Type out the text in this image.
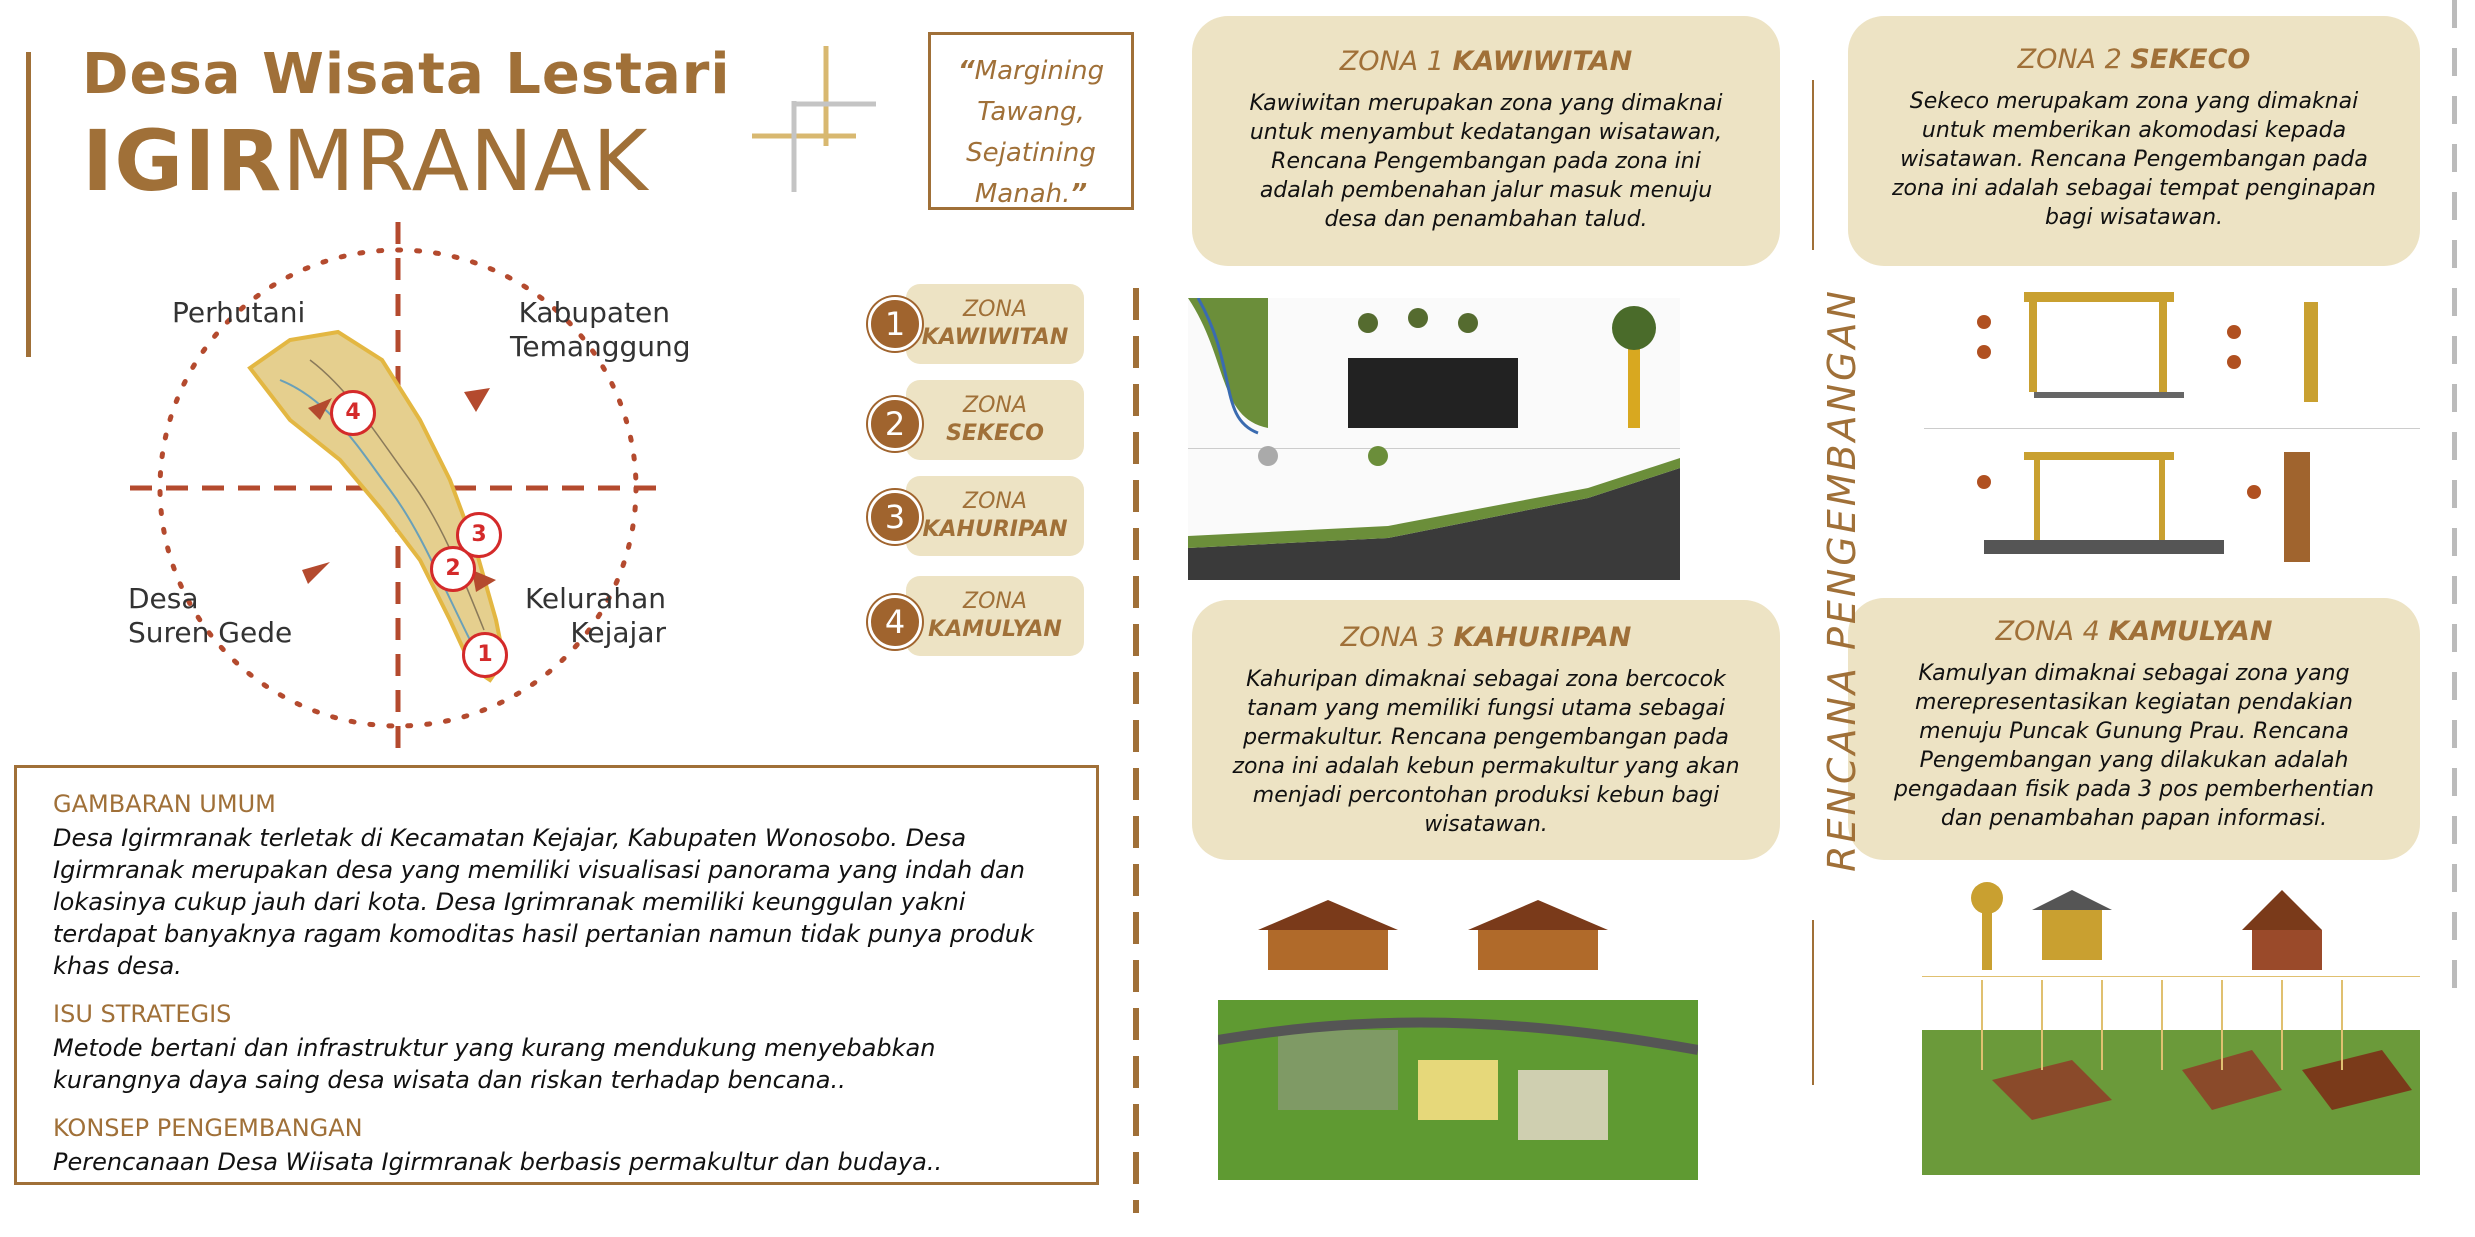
Desa Wisata Lestari
IGIRMRANAK
“Margining
Tawang,
Sejatining
Manah.”
Perhutani	Kabupaten
Temanggung
Desa
Suren Gede
Kelurahan
Kejajar
4
3
2
1
ZONA
KAWIWITAN
1
ZONA
SEKECO
2
ZONA
KAHURIPAN
3
ZONA
KAMULYAN
4
GAMBARAN UMUM

Desa Igirmranak terletak di Kecamatan Kejajar, Kabupaten Wonosobo. Desa Igirmranak merupakan desa yang memiliki visualisasi panorama yang indah dan lokasinya cukup jauh dari kota. Desa Igrimranak memiliki keunggulan yakni terdapat banyaknya ragam komoditas hasil pertanian namun tidak punya produk khas desa.

ISU STRATEGIS

Metode bertani dan infrastruktur yang kurang mendukung menyebabkan kurangnya daya saing desa wisata dan riskan terhadap bencana..

KONSEP PENGEMBANGAN

Perencanaan Desa Wiisata Igirmranak berbasis permakultur dan budaya..

ZONA 1 KAWIWITAN

Kawiwitan merupakan zona yang dimaknai untuk menyambut kedatangan wisatawan, Rencana Pengembangan pada zona ini adalah pembenahan jalur masuk menuju desa dan penambahan talud.

ZONA 2 SEKECO

Sekeco merupakam zona yang dimaknai untuk memberikan akomodasi kepada wisatawan. Rencana Pengembangan pada zona ini adalah sebagai tempat penginapan bagi wisatawan.

ZONA 3 KAHURIPAN

Kahuripan dimaknai sebagai zona bercocok tanam yang memiliki fungsi utama sebagai permakultur. Rencana pengembangan pada zona ini adalah kebun permakultur yang akan menjadi percontohan produksi kebun bagi wisatawan.

ZONA 4 KAMULYAN

Kamulyan dimaknai sebagai zona yang merepresentasikan kegiatan pendakian menuju Puncak Gunung Prau. Rencana Pengembangan yang dilakukan adalah pengadaan fisik pada 3 pos pemberhentian dan penambahan papan informasi.

RENCANA PENGEMBANGAN
